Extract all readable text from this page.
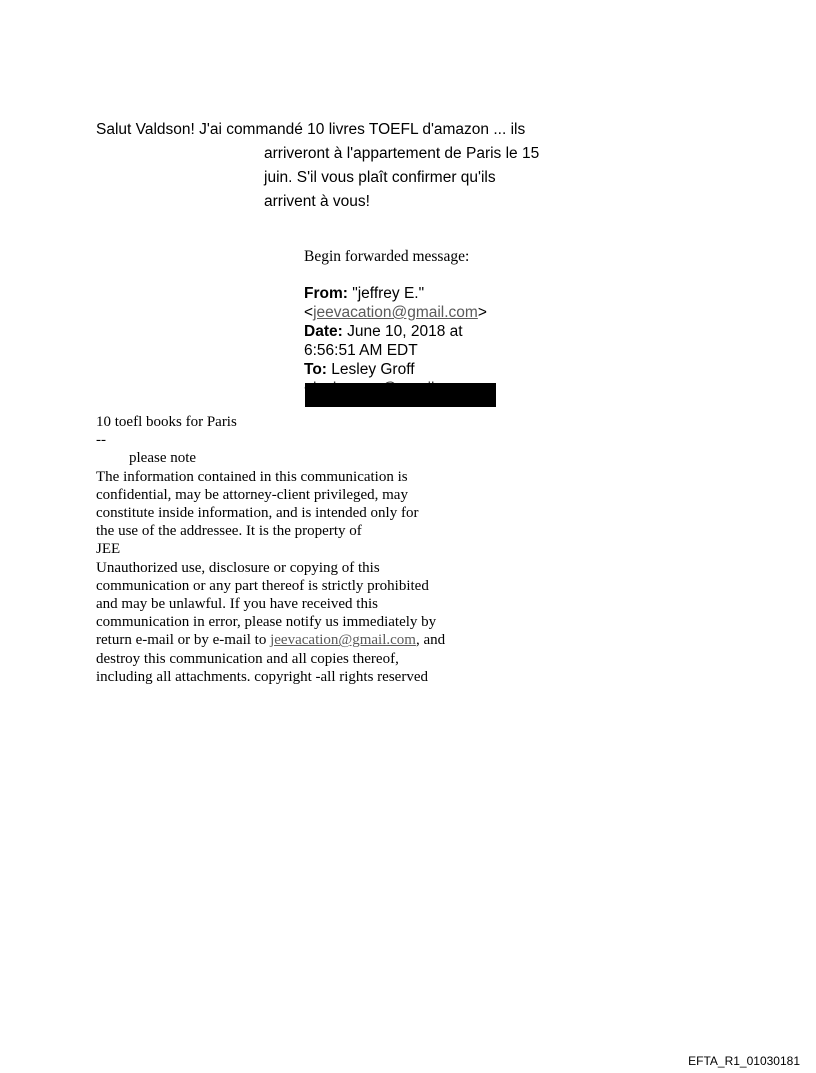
Salut Valdson! J'ai commandé 10 livres TOEFL d'amazon ... ils
arriveront à l'appartement de Paris le 15
juin. S'il vous plaît confirmer qu'ils
arrivent à vous!
Begin forwarded message:
From: "jeffrey E."
<jeevacation@gmail.com>
Date: June 10, 2018 at
6:56:51 AM EDT
To: Lesley Groff
10 toefl books for Paris
--
please note
The information contained in this communication is
confidential, may be attorney-client privileged, may
constitute inside information, and is intended only for
the use of the addressee. It is the property of
JEE
Unauthorized use, disclosure or copying of this
communication or any part thereof is strictly prohibited
and may be unlawful. If you have received this
communication in error, please notify us immediately by
return e-mail or by e-mail to jeevacation@gmail.com, and
destroy this communication and all copies thereof,
including all attachments. copyright -all rights reserved
EFTA_R1_01030181
